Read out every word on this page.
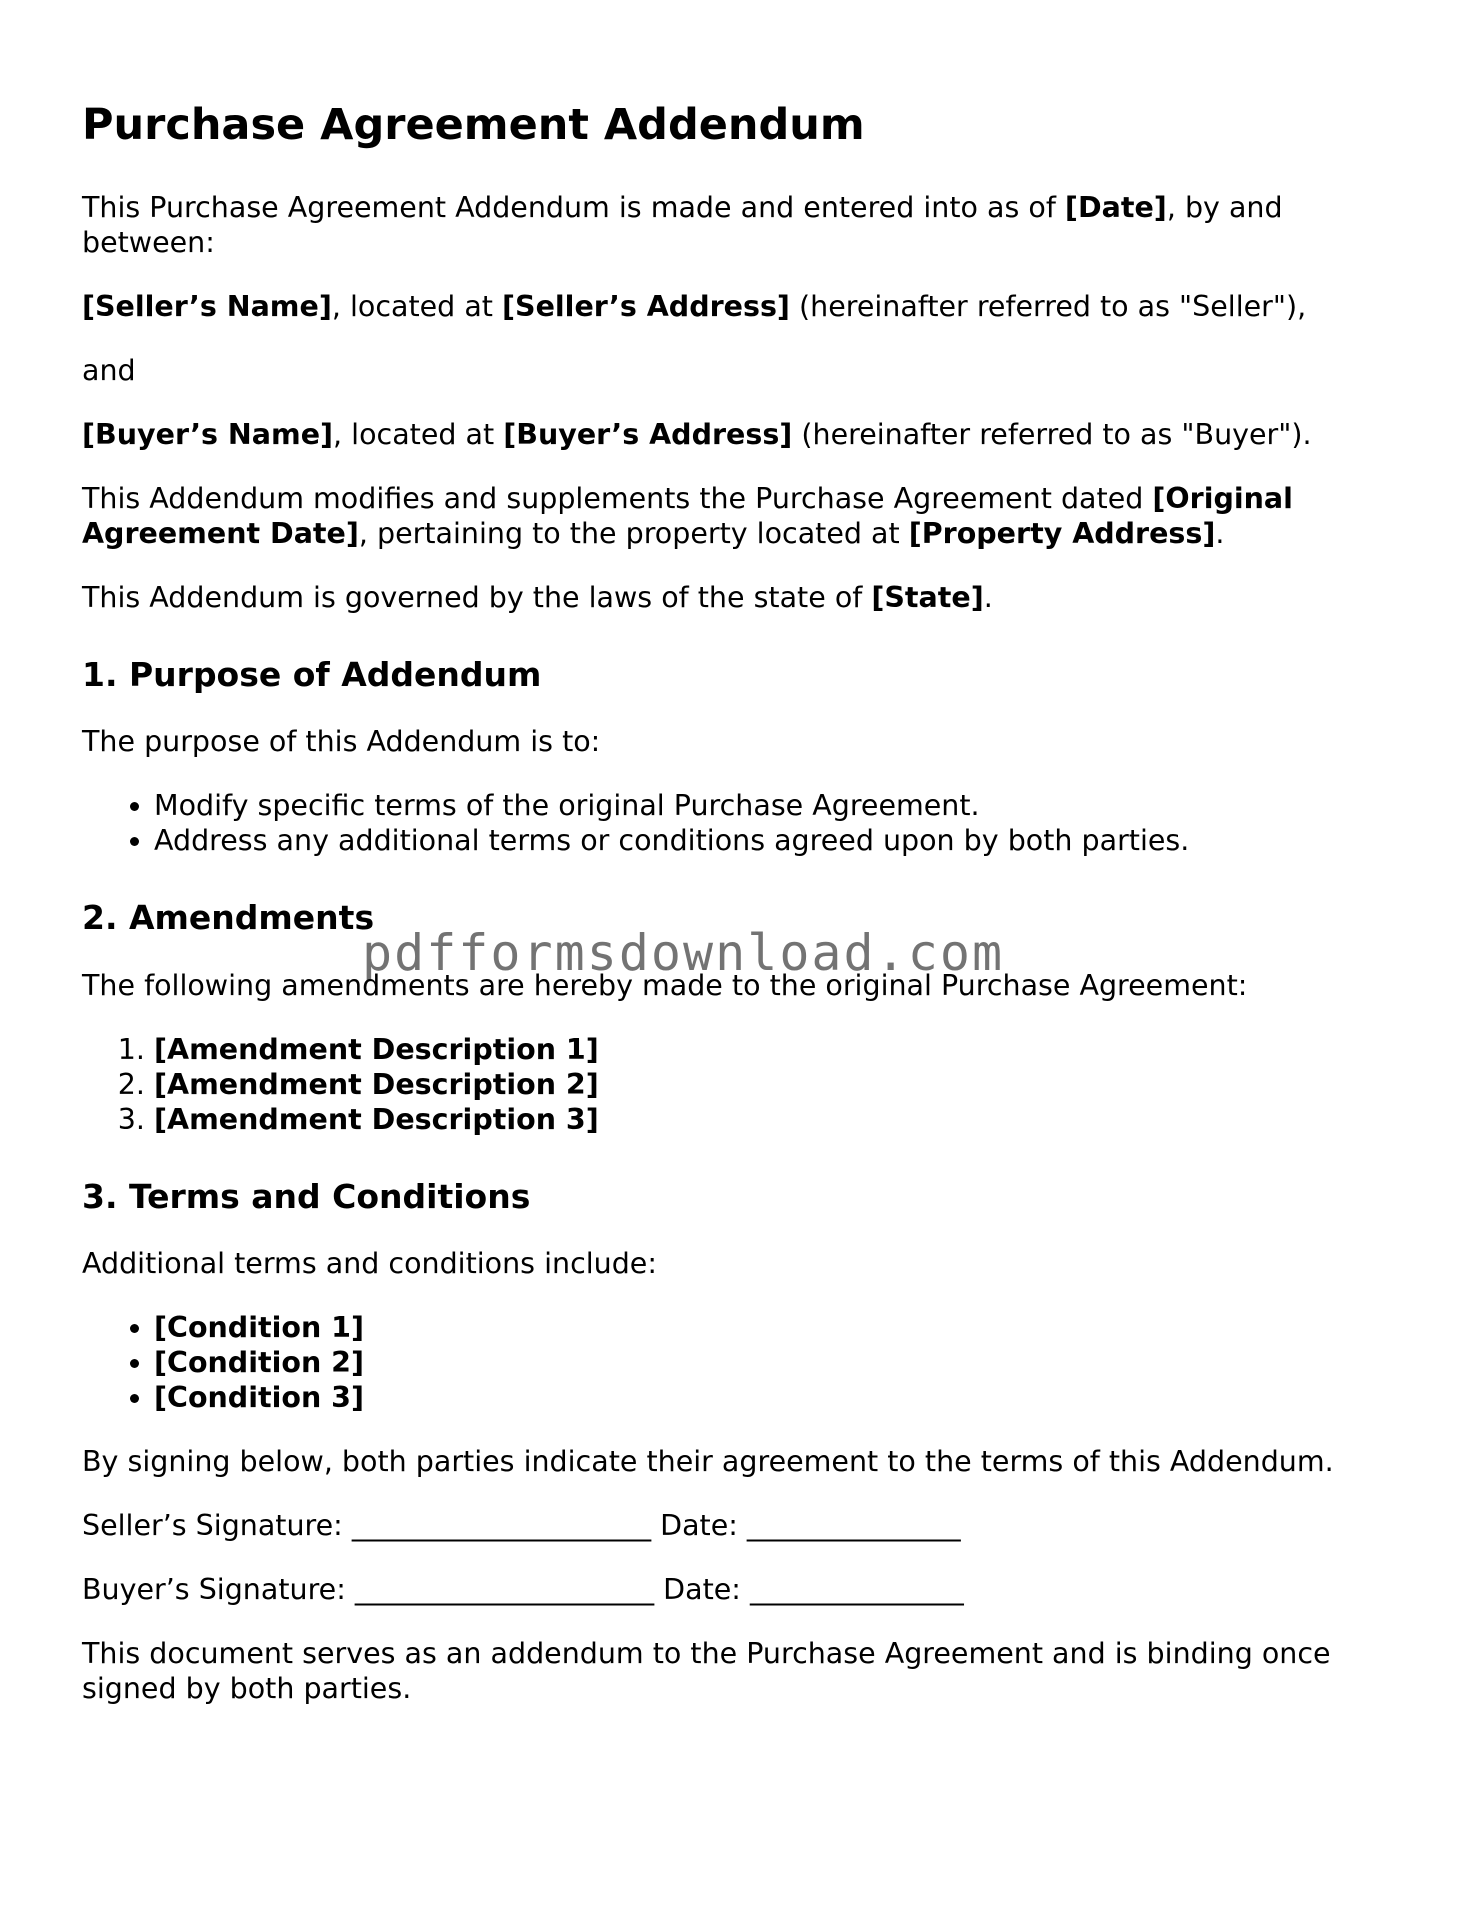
Purchase Agreement Addendum

This Purchase Agreement Addendum is made and entered into as of [Date], by and between:

[Seller’s Name], located at [Seller’s Address] (hereinafter referred to as "Seller"),

and

[Buyer’s Name], located at [Buyer’s Address] (hereinafter referred to as "Buyer").

This Addendum modifies and supplements the Purchase Agreement dated [Original Agreement Date], pertaining to the property located at [Property Address].

This Addendum is governed by the laws of the state of [State].

1. Purpose of Addendum

The purpose of this Addendum is to:

• Modify specific terms of the original Purchase Agreement.
• Address any additional terms or conditions agreed upon by both parties.
2. Amendments

The following amendments are hereby made to the original Purchase Agreement:

1. [Amendment Description 1]
2. [Amendment Description 2]
3. [Amendment Description 3]
3. Terms and Conditions

Additional terms and conditions include:

• [Condition 1]
• [Condition 2]
• [Condition 3]

By signing below, both parties indicate their agreement to the terms of this Addendum.

Seller’s Signature: _____________________ Date: _______________

Buyer’s Signature: _____________________ Date: _______________

This document serves as an addendum to the Purchase Agreement and is binding once signed by both parties.

pdfformsdownload.com
